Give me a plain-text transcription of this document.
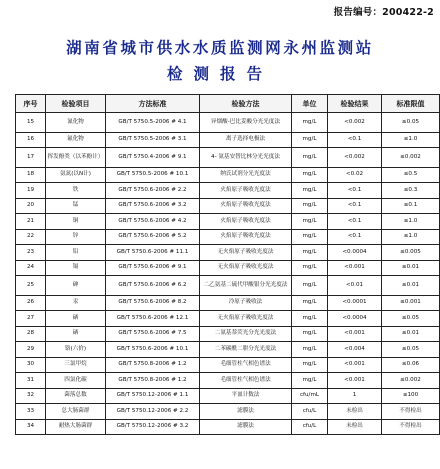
报告编号：200422-2
湖南省城市供水水质监测网永州监测站
检测报告
序号	检验项目	方法标准	检验方法	单位	检验结果	标准限值
15	氰化物	GB/T 5750.5-2006 # 4.1	异烟酸-巴比妥酸分光光度法	mg/L	<0.002	≤0.05
16	氟化物	GB/T 5750.5-2006 # 3.1	离子选择电极法	mg/L	<0.1	≤1.0
17	挥发酚类（以苯酚计）	GB/T 5750.4-2006 # 9.1	4- 氨基安替比林分光光度法	mg/L	<0.002	≤0.002
18	氨氮(以N计)	GB/T 5750.5-2006 # 10.1	纳氏试剂分光光度法	mg/L	<0.02	≤0.5
19	铁	GB/T 5750.6-2006 # 2.2	火焰原子吸收光度法	mg/L	<0.1	≤0.3
20	锰	GB/T 5750.6-2006 # 3.2	火焰原子吸收光度法	mg/L	<0.1	≤0.1
21	铜	GB/T 5750.6-2006 # 4.2	火焰原子吸收光度法	mg/L	<0.1	≤1.0
22	锌	GB/T 5750.6-2006 # 5.2	火焰原子吸收光度法	mg/L	<0.1	≤1.0
23	铅	GB/T 5750.6-2006 # 11.1	无火焰原子吸收光度法	mg/L	<0.0004	≤0.005
24	镉	GB/T 5750.6-2006 # 9.1	无火焰原子吸收光度法	mg/L	<0.001	≤0.01
25	砷	GB/T 5750.6-2006 # 6.2	二乙氨基二硫代甲酸银分光光度法	mg/L	<0.01	≤0.01
26	汞	GB/T 5750.6-2006 # 8.2	冷原子吸收法	mg/L	<0.0001	≤0.001
27	硒	GB/T 5750.6-2006 # 12.1	无火焰原子吸收光度法	mg/L	<0.0004	≤0.05
28	硒	GB/T 5750.6-2006 # 7.5	二氨基萘荧光分光光度法	mg/L	<0.001	≤0.01
29	铬(六价)	GB/T 5750.6-2006 # 10.1	二苯碳酰二肼分光光度法	mg/L	<0.004	≤0.05
30	三氯甲烷	GB/T 5750.8-2006 # 1.2	毛细管柱气相色谱法	mg/L	<0.001	≤0.06
31	四氯化碳	GB/T 5750.8-2006 # 1.2	毛细管柱气相色谱法	mg/L	<0.001	≤0.002
32	菌落总数	GB/T 5750.12-2006 # 1.1	平皿计数法	cfu/mL	1	≤100
33	总大肠菌群	GB/T 5750.12-2006 # 2.2	滤膜法	cfu/L	未检出	不得检出
34	耐热大肠菌群	GB/T 5750.12-2006 # 3.2	滤膜法	cfu/L	未检出	不得检出
